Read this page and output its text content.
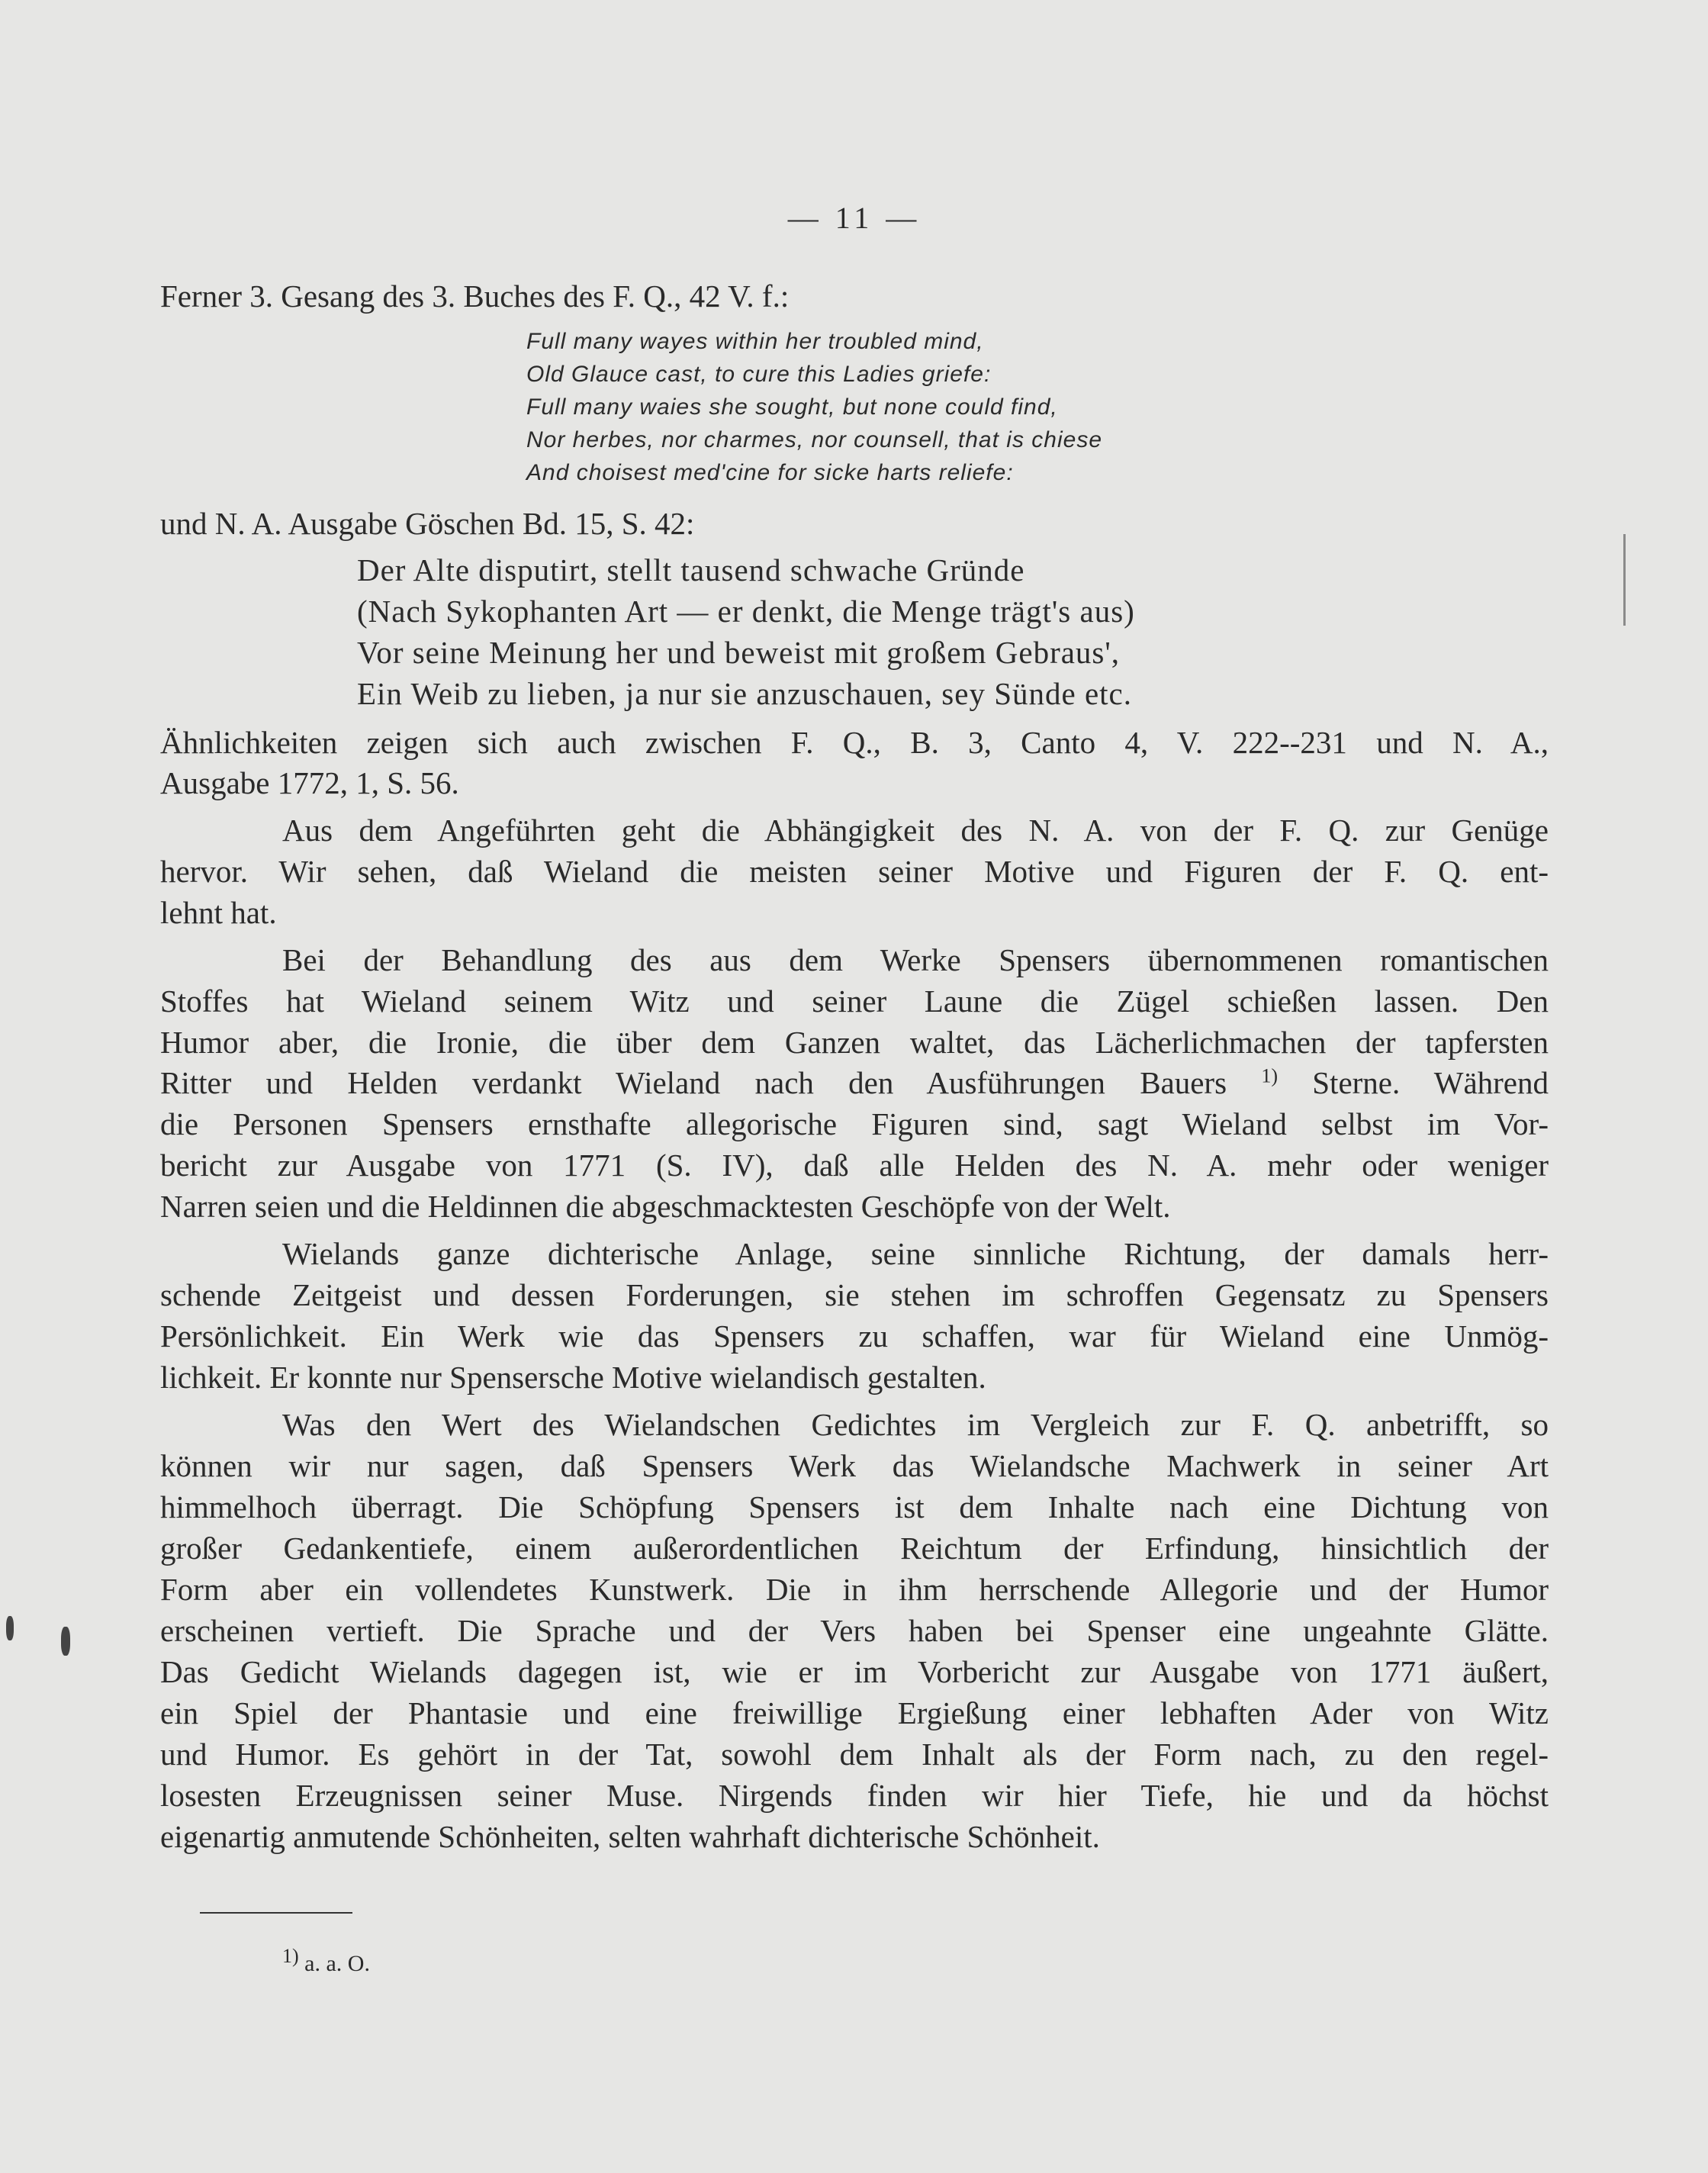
— 11 —
Ferner 3. Gesang des 3. Buches des F. Q., 42 V. f.:
Full many wayes within her troubled mind,
Old Glauce cast, to cure this Ladies griefe:
Full many waies she sought, but none could find,
Nor herbes, nor charmes, nor counsell, that is chiese
And choisest med'cine for sicke harts reliefe:
und N. A. Ausgabe Göschen Bd. 15, S. 42:
Der Alte disputirt, stellt tausend schwache Gründe
(Nach Sykophanten Art — er denkt, die Menge trägt's aus)
Vor seine Meinung her und beweist mit großem Gebraus',
Ein Weib zu lieben, ja nur sie anzuschauen, sey Sünde etc.
Ähnlichkeiten zeigen sich auch zwischen F. Q., B. 3, Canto 4, V. 222--231 und N. A.,
Ausgabe 1772, 1, S. 56.
Aus dem Angeführten geht die Abhängigkeit des N. A. von der F. Q. zur Genüge
hervor. Wir sehen, daß Wieland die meisten seiner Motive und Figuren der F. Q. ent-
lehnt hat.
Bei der Behandlung des aus dem Werke Spensers übernommenen romantischen
Stoffes hat Wieland seinem Witz und seiner Laune die Zügel schießen lassen. Den
Humor aber, die Ironie, die über dem Ganzen waltet, das Lächerlichmachen der tapfersten
Ritter und Helden verdankt Wieland nach den Ausführungen Bauers $^{1)}$ Sterne. Während
die Personen Spensers ernsthafte allegorische Figuren sind, sagt Wieland selbst im Vor-
bericht zur Ausgabe von 1771 (S. IV), daß alle Helden des N. A. mehr oder weniger
Narren seien und die Heldinnen die abgeschmacktesten Geschöpfe von der Welt.
Wielands ganze dichterische Anlage, seine sinnliche Richtung, der damals herr-
schende Zeitgeist und dessen Forderungen, sie stehen im schroffen Gegensatz zu Spensers
Persönlichkeit. Ein Werk wie das Spensers zu schaffen, war für Wieland eine Unmög-
lichkeit. Er konnte nur Spensersche Motive wielandisch gestalten.
Was den Wert des Wielandschen Gedichtes im Vergleich zur F. Q. anbetrifft, so
können wir nur sagen, daß Spensers Werk das Wielandsche Machwerk in seiner Art
himmelhoch überragt. Die Schöpfung Spensers ist dem Inhalte nach eine Dichtung von
großer Gedankentiefe, einem außerordentlichen Reichtum der Erfindung, hinsichtlich der
Form aber ein vollendetes Kunstwerk. Die in ihm herrschende Allegorie und der Humor
erscheinen vertieft. Die Sprache und der Vers haben bei Spenser eine ungeahnte Glätte.
Das Gedicht Wielands dagegen ist, wie er im Vorbericht zur Ausgabe von 1771 äußert,
ein Spiel der Phantasie und eine freiwillige Ergießung einer lebhaften Ader von Witz
und Humor. Es gehört in der Tat, sowohl dem Inhalt als der Form nach, zu den regel-
losesten Erzeugnissen seiner Muse. Nirgends finden wir hier Tiefe, hie und da höchst
eigenartig anmutende Schönheiten, selten wahrhaft dichterische Schönheit.
$^{1)}$ a. a. O.
